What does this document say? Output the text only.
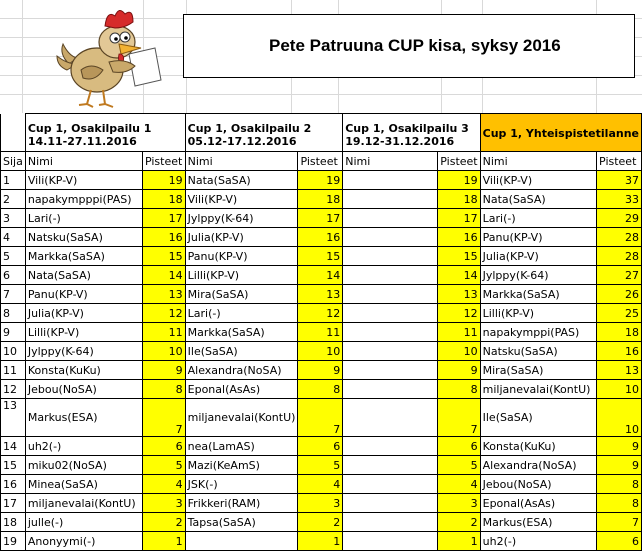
Pete Patruuna CUP kisa, syksy 2016

	Cup 1, Osakilpailu 1
14.11-27.11.2016		Cup 1, Osakilpailu 2
05.12-17.12.2016		Cup 1, Osakilpailu 3
19.12-31.12.2016		Cup 1, Yhteispistetilanne	

Sija	Nimi	Pisteet	Nimi	Pisteet	Nimi	Pisteet	Nimi	Pisteet
1	Vili(KP-V)	19	Nata(SaSA)	19		19	Vili(KP-V)	37
2	napakympppi(PAS)	18	Vili(KP-V)	18		18	Nata(SaSA)	33
3	Lari(-)	17	Jylppy(K-64)	17		17	Lari(-)	29
4	Natsku(SaSA)	16	Julia(KP-V)	16		16	Panu(KP-V)	28
5	Markka(SaSA)	15	Panu(KP-V)	15		15	Julia(KP-V)	28
6	Nata(SaSA)	14	Lilli(KP-V)	14		14	Jylppy(K-64)	27
7	Panu(KP-V)	13	Mira(SaSA)	13		13	Markka(SaSA)	26
8	Julia(KP-V)	12	Lari(-)	12		12	Lilli(KP-V)	25
9	Lilli(KP-V)	11	Markka(SaSA)	11		11	napakymppi(PAS)	18
10	Jylppy(K-64)	10	Ile(SaSA)	10		10	Natsku(SaSA)	16
11	Konsta(KuKu)	9	Alexandra(NoSA)	9		9	Mira(SaSA)	13
12	Jebou(NoSA)	8	Eponal(AsAs)	8		8	miljanevalai(KontU)	10
13	Markus(ESA)	7	miljanevalai(KontU)	7		7	Ile(SaSA)	10
14	uh2(-)	6	nea(LamAS)	6		6	Konsta(KuKu)	9
15	miku02(NoSA)	5	Mazi(KeAmS)	5		5	Alexandra(NoSA)	9
16	Minea(SaSA)	4	JSK(-)	4		4	Jebou(NoSA)	8
17	miljanevalai(KontU)	3	Frikkeri(RAM)	3		3	Eponal(AsAs)	8
18	julle(-)	2	Tapsa(SaSA)	2		2	Markus(ESA)	7
19	Anonyymi(-)	1		1		1	uh2(-)	6
